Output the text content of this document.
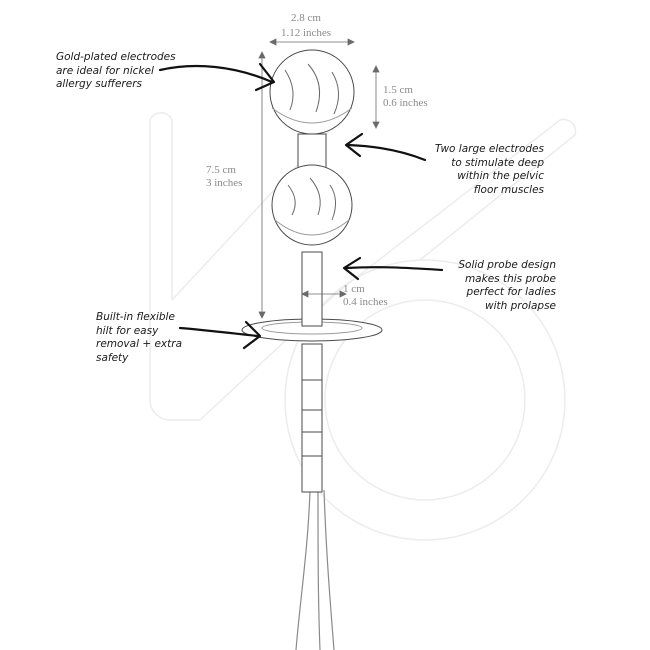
2.8 cm
1.12 inches
1.5 cm
0.6 inches
7.5 cm
3 inches
1 cm
0.4 inches
Gold-plated electrodes
are ideal for nickel
allergy sufferers
Two large electrodes
to stimulate deep
within the pelvic
floor muscles
Solid probe design
makes this probe
perfect for ladies
with prolapse
Built-in flexible
hilt for easy
removal + extra
safety
